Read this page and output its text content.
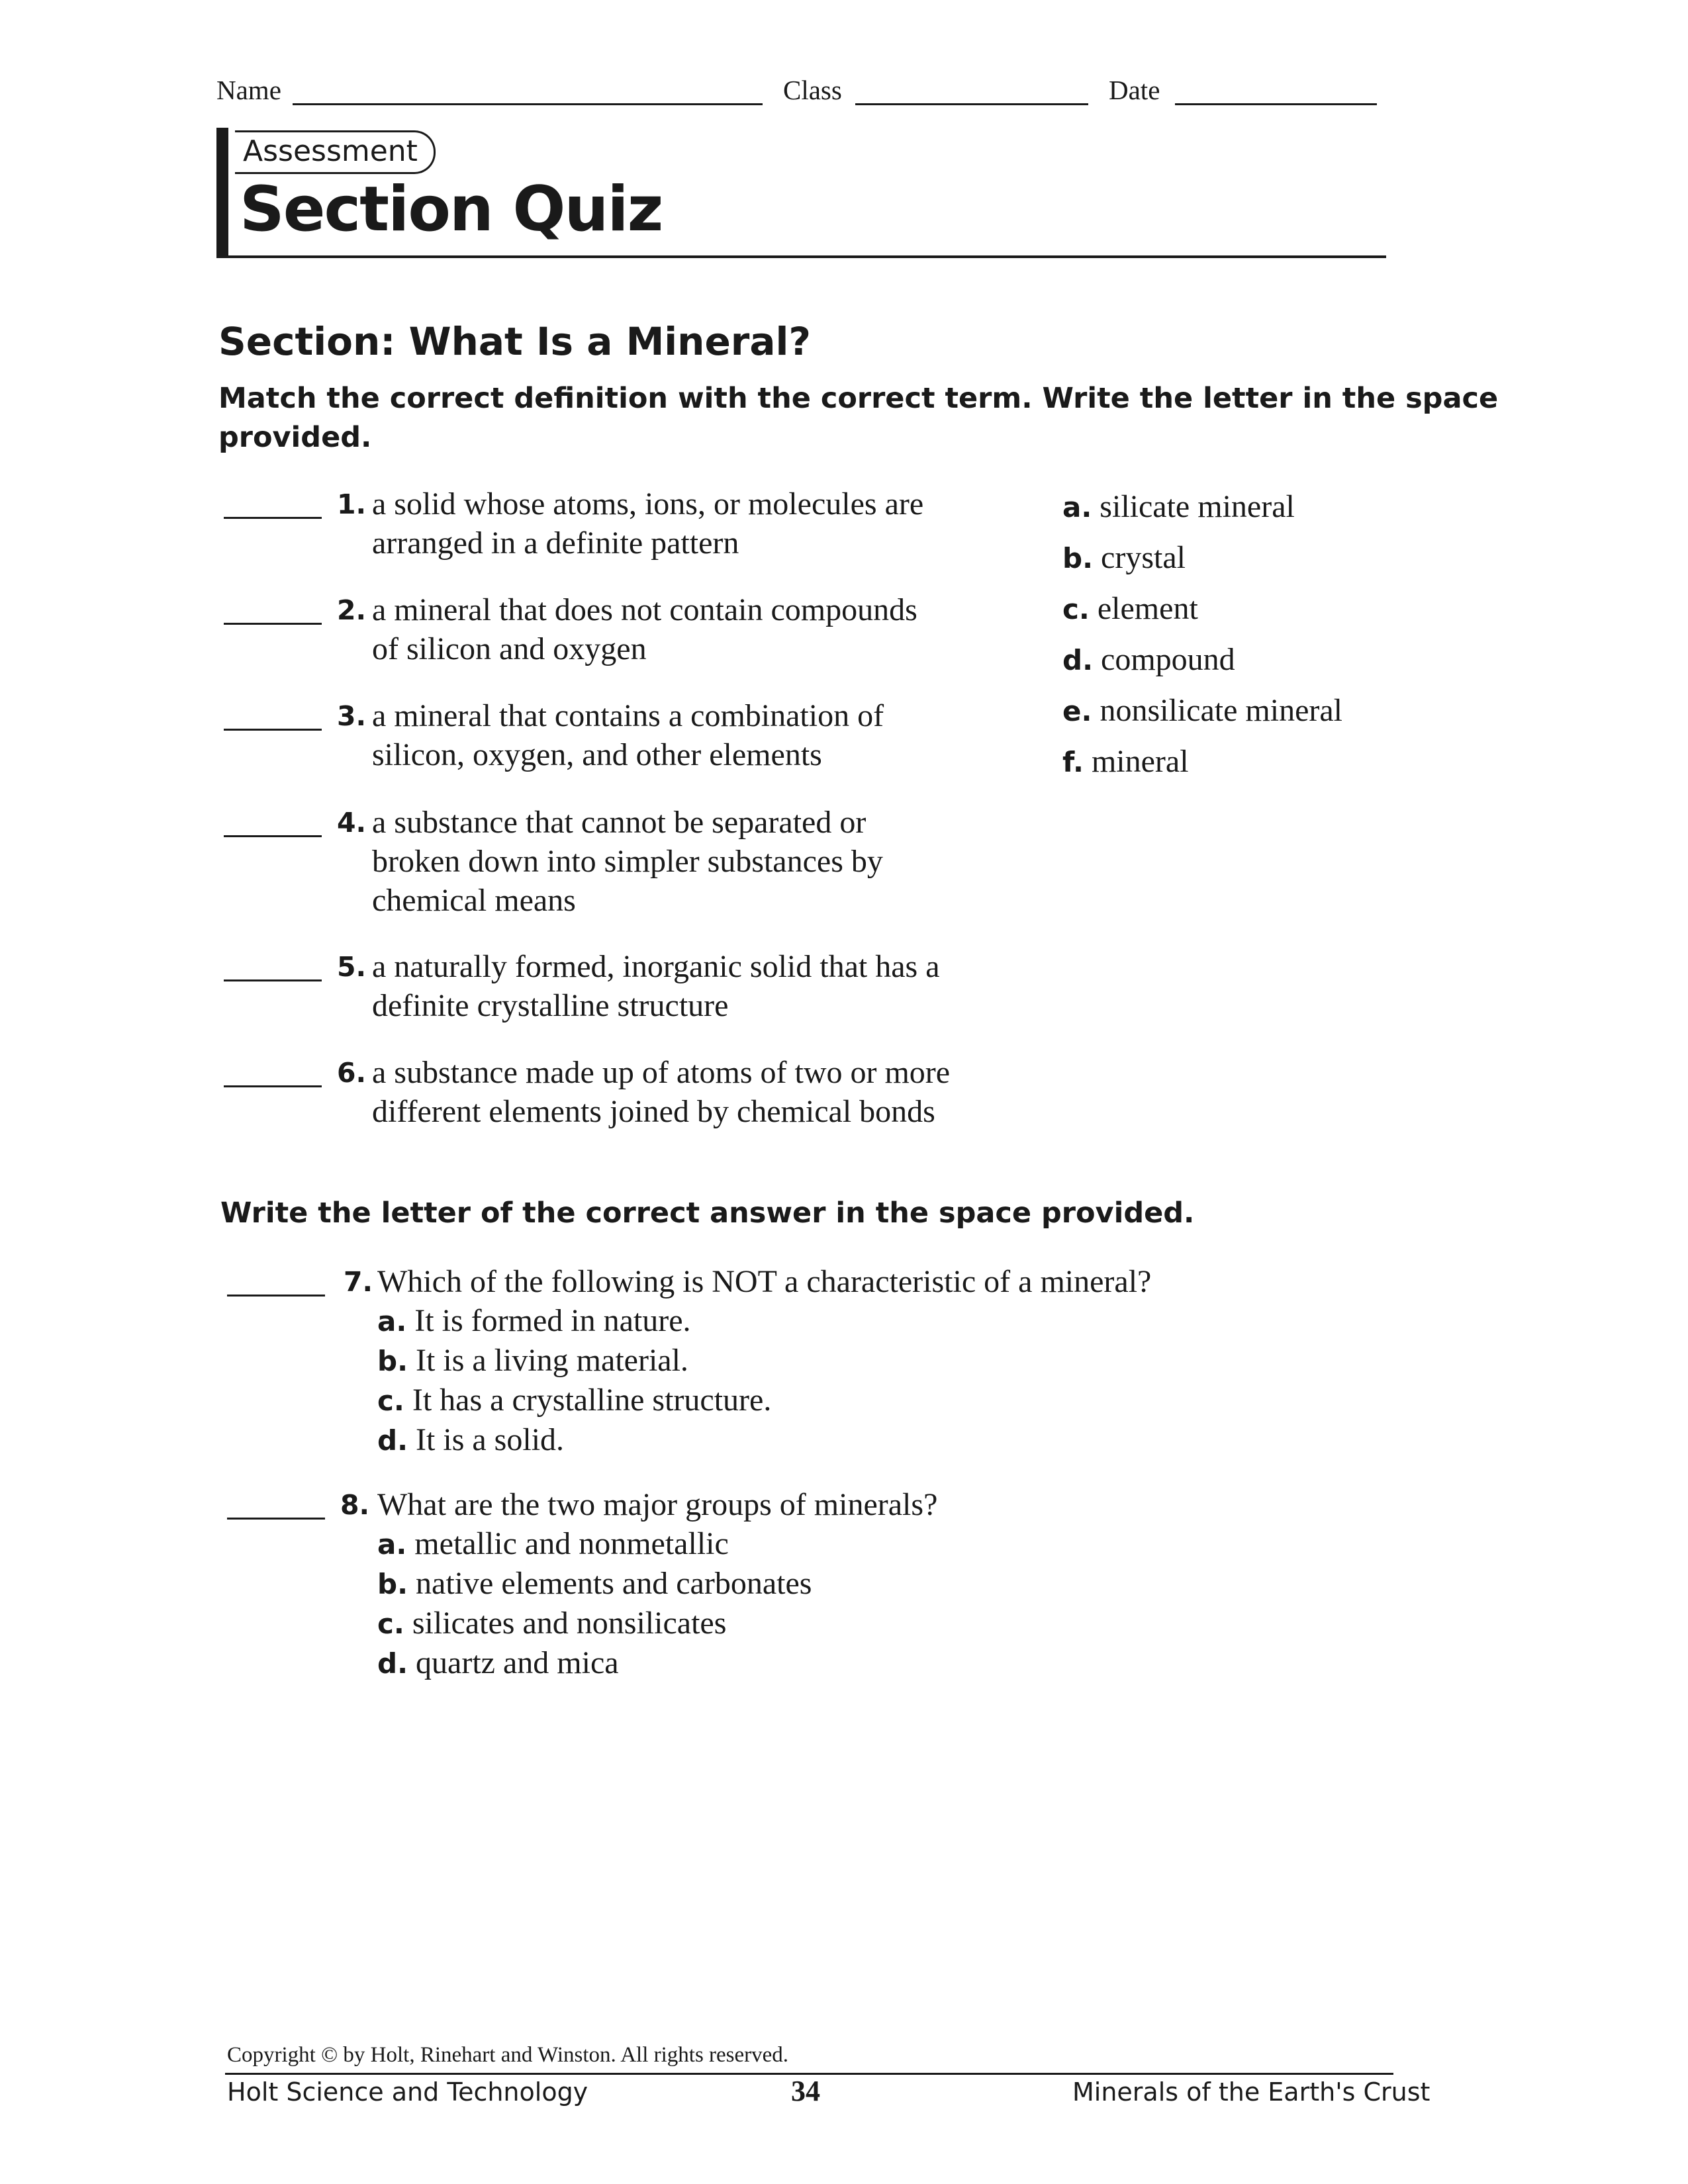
Name	Class	Date
Assessment
Section Quiz
Section: What Is a Mineral?
Match the correct definition with the correct term. Write the letter in the space
provided.
1. a solid whose atoms, ions, or molecules are
arranged in a definite pattern
2. a mineral that does not contain compounds
of silicon and oxygen
3. a mineral that contains a combination of
silicon, oxygen, and other elements
4. a substance that cannot be separated or
broken down into simpler substances by
chemical means
5. a naturally formed, inorganic solid that has a
definite crystalline structure
6. a substance made up of atoms of two or more
different elements joined by chemical bonds
a. silicate mineral
b. crystal
c. element
d. compound
e. nonsilicate mineral
f. mineral
Write the letter of the correct answer in the space provided.
7. Which of the following is NOT a characteristic of a mineral?
a. It is formed in nature.
b. It is a living material.
c. It has a crystalline structure.
d. It is a solid.
8. What are the two major groups of minerals?
a. metallic and nonmetallic
b. native elements and carbonates
c. silicates and nonsilicates
d. quartz and mica
Copyright © by Holt, Rinehart and Winston. All rights reserved.
Holt Science and Technology	34	Minerals of the Earth's Crust
